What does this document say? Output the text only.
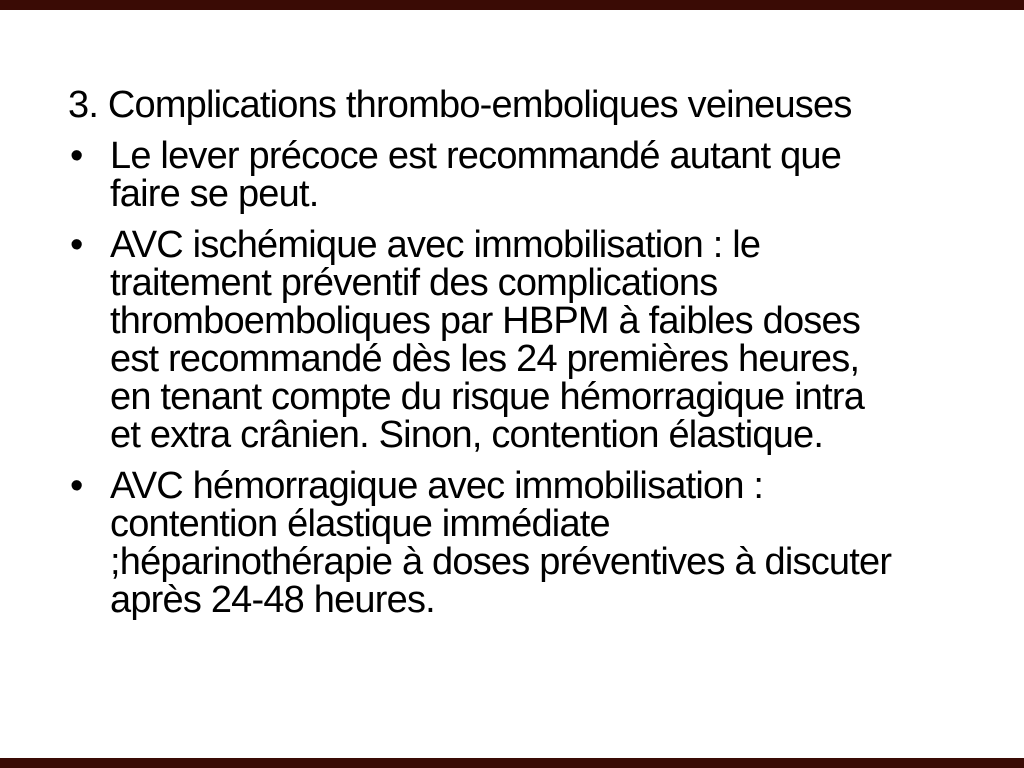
3. Complications thrombo-emboliques veineuses
• Le lever précoce est recommandé autant que
faire se peut.
• AVC ischémique avec immobilisation : le
traitement préventif des complications
thromboemboliques par HBPM à faibles doses
est recommandé dès les 24 premières heures,
en tenant compte du risque hémorragique intra
et extra crânien. Sinon, contention élastique.
• AVC hémorragique avec immobilisation :
contention élastique immédiate
;héparinothérapie à doses préventives à discuter
après 24-48 heures.
